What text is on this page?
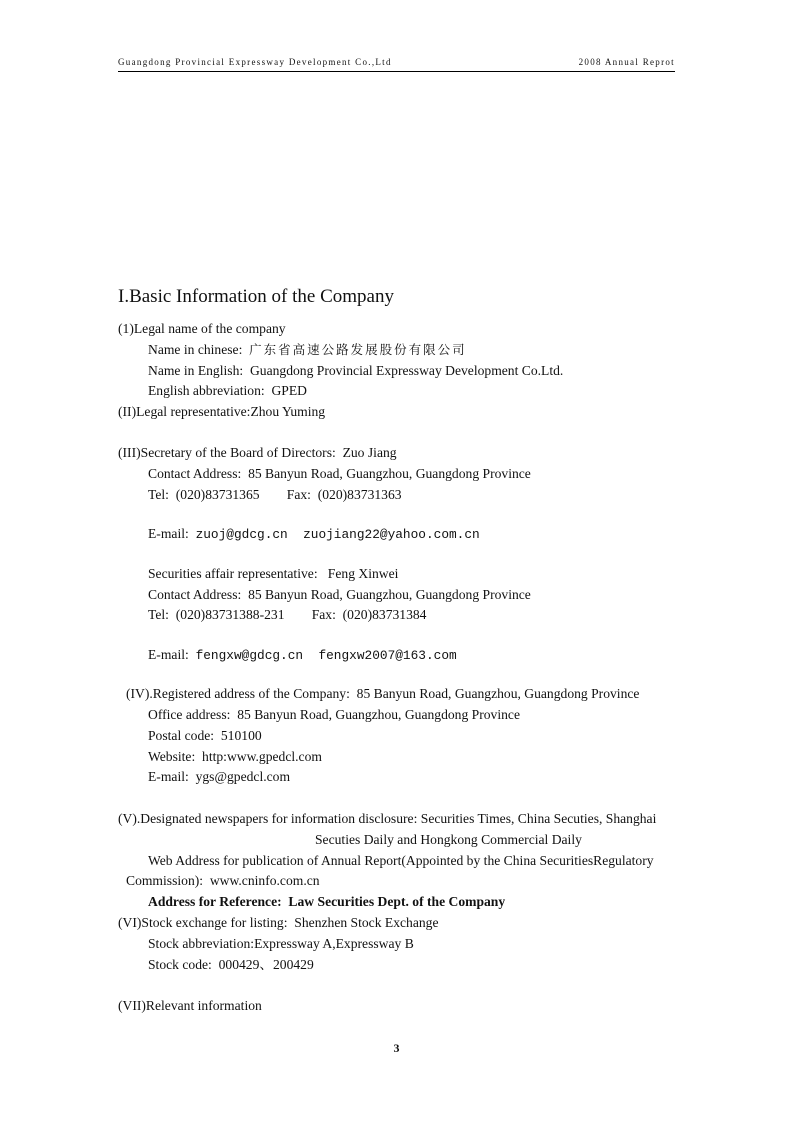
Guangdong Provincial Expressway Development Co.,Ltd	2008 Annual Reprot
I.Basic Information of the Company
(1)Legal name of the company
Name in chinese: 广东省高速公路发展股份有限公司
Name in English: Guangdong Provincial Expressway Development Co.Ltd.
English abbreviation: GPED
(II)Legal representative:Zhou Yuming
(III)Secretary of the Board of Directors: Zuo Jiang
Contact Address: 85 Banyun Road, Guangzhou, Guangdong Province
Tel: (020)83731365 Fax: (020)83731363
E-mail: zuoj@gdcg.cn  zuojiang22@yahoo.com.cn
Securities affair representative: Feng Xinwei
Contact Address: 85 Banyun Road, Guangzhou, Guangdong Province
Tel: (020)83731388-231 Fax: (020)83731384
E-mail: fengxw@gdcg.cn  fengxw2007@163.com
(IV).Registered address of the Company: 85 Banyun Road, Guangzhou, Guangdong Province
Office address: 85 Banyun Road, Guangzhou, Guangdong Province
Postal code: 510100
Website: http:www.gpedcl.com
E-mail: ygs@gpedcl.com
(V).Designated newspapers for information disclosure: Securities Times, China Secuties, Shanghai
Secuties Daily and Hongkong Commercial Daily
Web Address for publication of Annual Report(Appointed by the China SecuritiesRegulatory
Commission): www.cninfo.com.cn
Address for Reference:  Law Securities Dept. of the Company
(VI)Stock exchange for listing: Shenzhen Stock Exchange
Stock abbreviation:Expressway A,Expressway B
Stock code: 000429、200429
(VII)Relevant information
3
